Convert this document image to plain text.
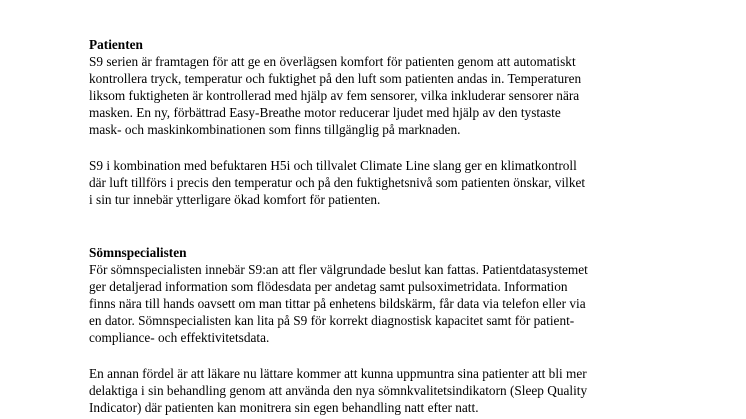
Patienten
S9 serien är framtagen för att ge en överlägsen komfort för patienten genom att automatiskt
kontrollera tryck, temperatur och fuktighet på den luft som patienten andas in. Temperaturen
liksom fuktigheten är kontrollerad med hjälp av fem sensorer, vilka inkluderar sensorer nära
masken. En ny, förbättrad Easy-Breathe motor reducerar ljudet med hjälp av den tystaste
mask- och maskinkombinationen som finns tillgänglig på marknaden.
S9 i kombination med befuktaren H5i och tillvalet Climate Line slang ger en klimatkontroll
där luft tillförs i precis den temperatur och på den fuktighetsnivå som patienten önskar, vilket
i sin tur innebär ytterligare ökad komfort för patienten.
Sömnspecialisten
För sömnspecialisten innebär S9:an att fler välgrundade beslut kan fattas. Patientdatasystemet
ger detaljerad information som flödesdata per andetag samt pulsoximetridata. Information
finns nära till hands oavsett om man tittar på enhetens bildskärm, får data via telefon eller via
en dator. Sömnspecialisten kan lita på S9 för korrekt diagnostisk kapacitet samt för patient-
compliance- och effektivitetsdata.
En annan fördel är att läkare nu lättare kommer att kunna uppmuntra sina patienter att bli mer
delaktiga i sin behandling genom att använda den nya sömnkvalitetsindikatorn (Sleep Quality
Indicator) där patienten kan monitrera sin egen behandling natt efter natt.
